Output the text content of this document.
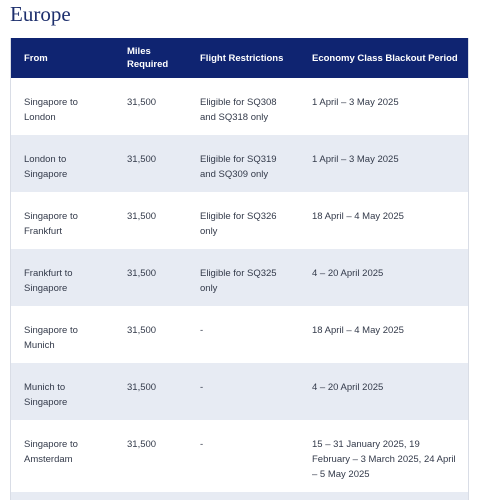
Europe
From	Miles Required	Flight Restrictions	Economy Class Blackout Period
Singapore to London	31,500	Eligible for SQ308 and SQ318 only	1 April – 3 May 2025
London to Singapore	31,500	Eligible for SQ319 and SQ309 only	1 April – 3 May 2025
Singapore to Frankfurt	31,500	Eligible for SQ326 only	18 April – 4 May 2025
Frankfurt to Singapore	31,500	Eligible for SQ325 only	4 – 20 April 2025
Singapore to Munich	31,500	-	18 April – 4 May 2025
Munich to Singapore	31,500	-	4 – 20 April 2025
Singapore to Amsterdam	31,500	-	15 – 31 January 2025, 19 February – 3 March 2025, 24 April – 5 May 2025
